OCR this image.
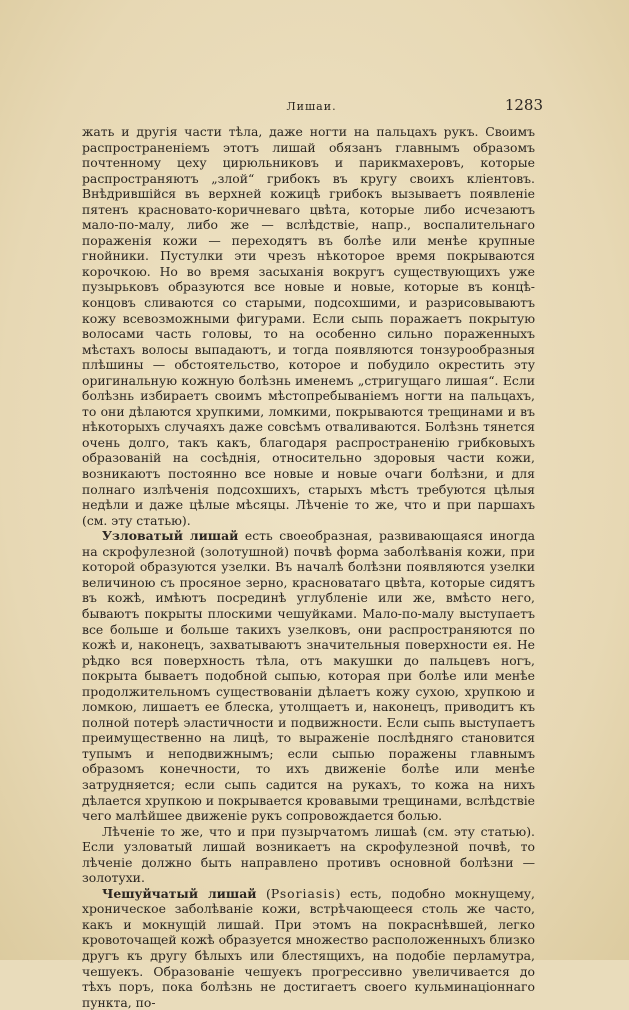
Лишаи.	1283

жать и другія части тѣла, даже ногти на пальцахъ рукъ. Своимъ распространеніемъ этотъ лишай обязанъ главнымъ образомъ почтенному цеху цирюльниковъ и парикмахеровъ, которые распространяютъ „злой“ грибокъ въ кругу своихъ кліентовъ. Внѣдрившійся въ верхней кожицѣ грибокъ вызываетъ появленіе пятенъ красновато-коричневаго цвѣта, которые либо исчезаютъ мало-по-малу, либо же — вслѣдствіе, напр., воспалительнаго пораженія кожи — переходятъ въ болѣе или менѣе крупные гнойники. Пустулки эти чрезъ нѣкоторое время покрываются корочкою. Но во время засыханія вокругъ существующихъ уже пузырьковъ образуются все новые и новые, которые въ концѣ-концовъ сливаются со старыми, подсохшими, и разрисовываютъ кожу всевозможными фигурами. Если сыпь поражаетъ покрытую волосами часть головы, то на особенно сильно пораженныхъ мѣстахъ волосы выпадаютъ, и тогда появляются тонзурообразныя плѣшины — обстоятельство, которое и побудило окрестить эту оригинальную кожную болѣзнь именемъ „стригущаго лишая“. Если болѣзнь избираетъ своимъ мѣстопребываніемъ ногти на пальцахъ, то они дѣлаются хрупкими, ломкими, покрываются трещинами и въ нѣкоторыхъ случаяхъ даже совсѣмъ отваливаются. Болѣзнь тянется очень долго, такъ какъ, благодаря распространенію грибковыхъ образованій на сосѣднія, относительно здоровыя части кожи, возникаютъ постоянно все новые и новые очаги болѣзни, и для полнаго излѣченія подсохшихъ, старыхъ мѣстъ требуются цѣлыя недѣли и даже цѣлые мѣсяцы. Лѣченіе то же, что и при паршахъ (см. эту статью).

Узловатый лишай есть своеобразная, развивающаяся иногда на скрофулезной (золотушной) почвѣ форма заболѣванія кожи, при которой образуются узелки. Въ началѣ болѣзни появляются узелки величиною съ просяное зерно, красноватаго цвѣта, которые сидятъ въ кожѣ, имѣютъ посрединѣ углубленіе или же, вмѣсто него, бываютъ покрыты плоскими чешуйками. Мало-по-малу выступаетъ все больше и больше такихъ узелковъ, они распространяются по кожѣ и, наконецъ, захватываютъ значительныя поверхности ея. Не рѣдко вся поверхность тѣла, отъ макушки до пальцевъ ногъ, покрыта бываетъ подобной сыпью, которая при болѣе или менѣе продолжительномъ существованіи дѣлаетъ кожу сухою, хрупкою и ломкою, лишаетъ ее блеска, утолщаетъ и, наконецъ, приводитъ къ полной потерѣ эластичности и подвижности. Если сыпь выступаетъ преимущественно на лицѣ, то выраженіе послѣдняго становится тупымъ и неподвижнымъ; если сыпью поражены главнымъ образомъ конечности, то ихъ движеніе болѣе или менѣе затрудняется; если сыпь садится на рукахъ, то кожа на нихъ дѣлается хрупкою и покрывается кровавыми трещинами, вслѣдствіе чего малѣйшее движеніе рукъ сопровождается болью.

Лѣченіе то же, что и при пузырчатомъ лишаѣ (см. эту статью). Если узловатый лишай возникаетъ на скрофулезной почвѣ, то лѣченіе должно быть направлено противъ основной болѣзни — золотухи.

Чешуйчатый лишай (Psoriasis) есть, подобно мокнущему, хроническое заболѣваніе кожи, встрѣчающееся столь же часто, какъ и мокнущій лишай. При этомъ на покраснѣвшей, легко кровоточащей кожѣ образуется множество расположенныхъ близко другъ къ другу бѣлыхъ или блестящихъ, на подобіе перламутра, чешуекъ. Образованіе чешуекъ прогрессивно увеличивается до тѣхъ поръ, пока болѣзнь не достигаетъ своего кульминаціоннаго пункта, по-
